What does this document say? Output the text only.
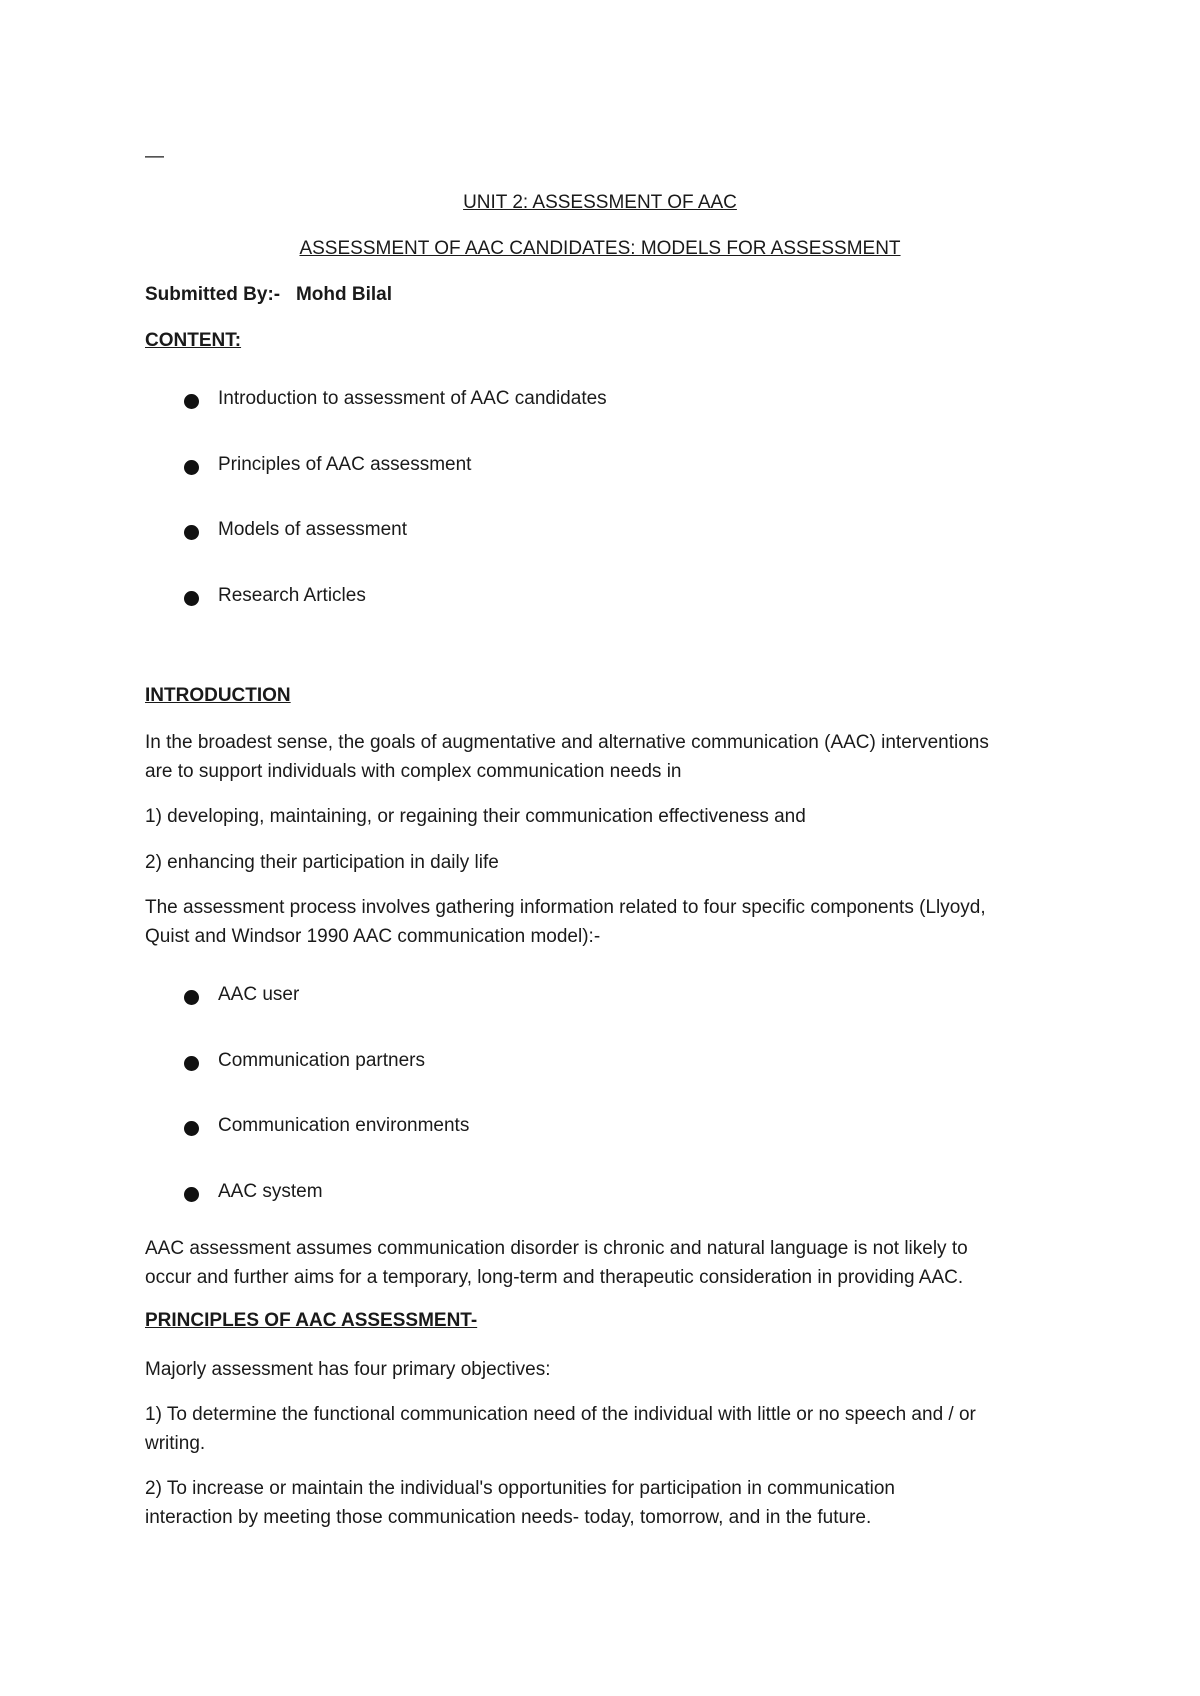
—
UNIT 2: ASSESSMENT OF AAC
ASSESSMENT OF AAC CANDIDATES: MODELS FOR ASSESSMENT
Submitted By:- Mohd Bilal
CONTENT:
Introduction to assessment of AAC candidates
Principles of AAC assessment
Models of assessment
Research Articles
INTRODUCTION
In the broadest sense, the goals of augmentative and alternative communication (AAC) interventions
are to support individuals with complex communication needs in
1) developing, maintaining, or regaining their communication effectiveness and
2) enhancing their participation in daily life
The assessment process involves gathering information related to four specific components (Llyoyd,
Quist and Windsor 1990 AAC communication model):-
AAC user
Communication partners
Communication environments
AAC system
AAC assessment assumes communication disorder is chronic and natural language is not likely to
occur and further aims for a temporary, long-term and therapeutic consideration in providing AAC.
PRINCIPLES OF AAC ASSESSMENT-
Majorly assessment has four primary objectives:
1) To determine the functional communication need of the individual with little or no speech and / or
writing.
2) To increase or maintain the individual's opportunities for participation in communication
interaction by meeting those communication needs- today, tomorrow, and in the future.
